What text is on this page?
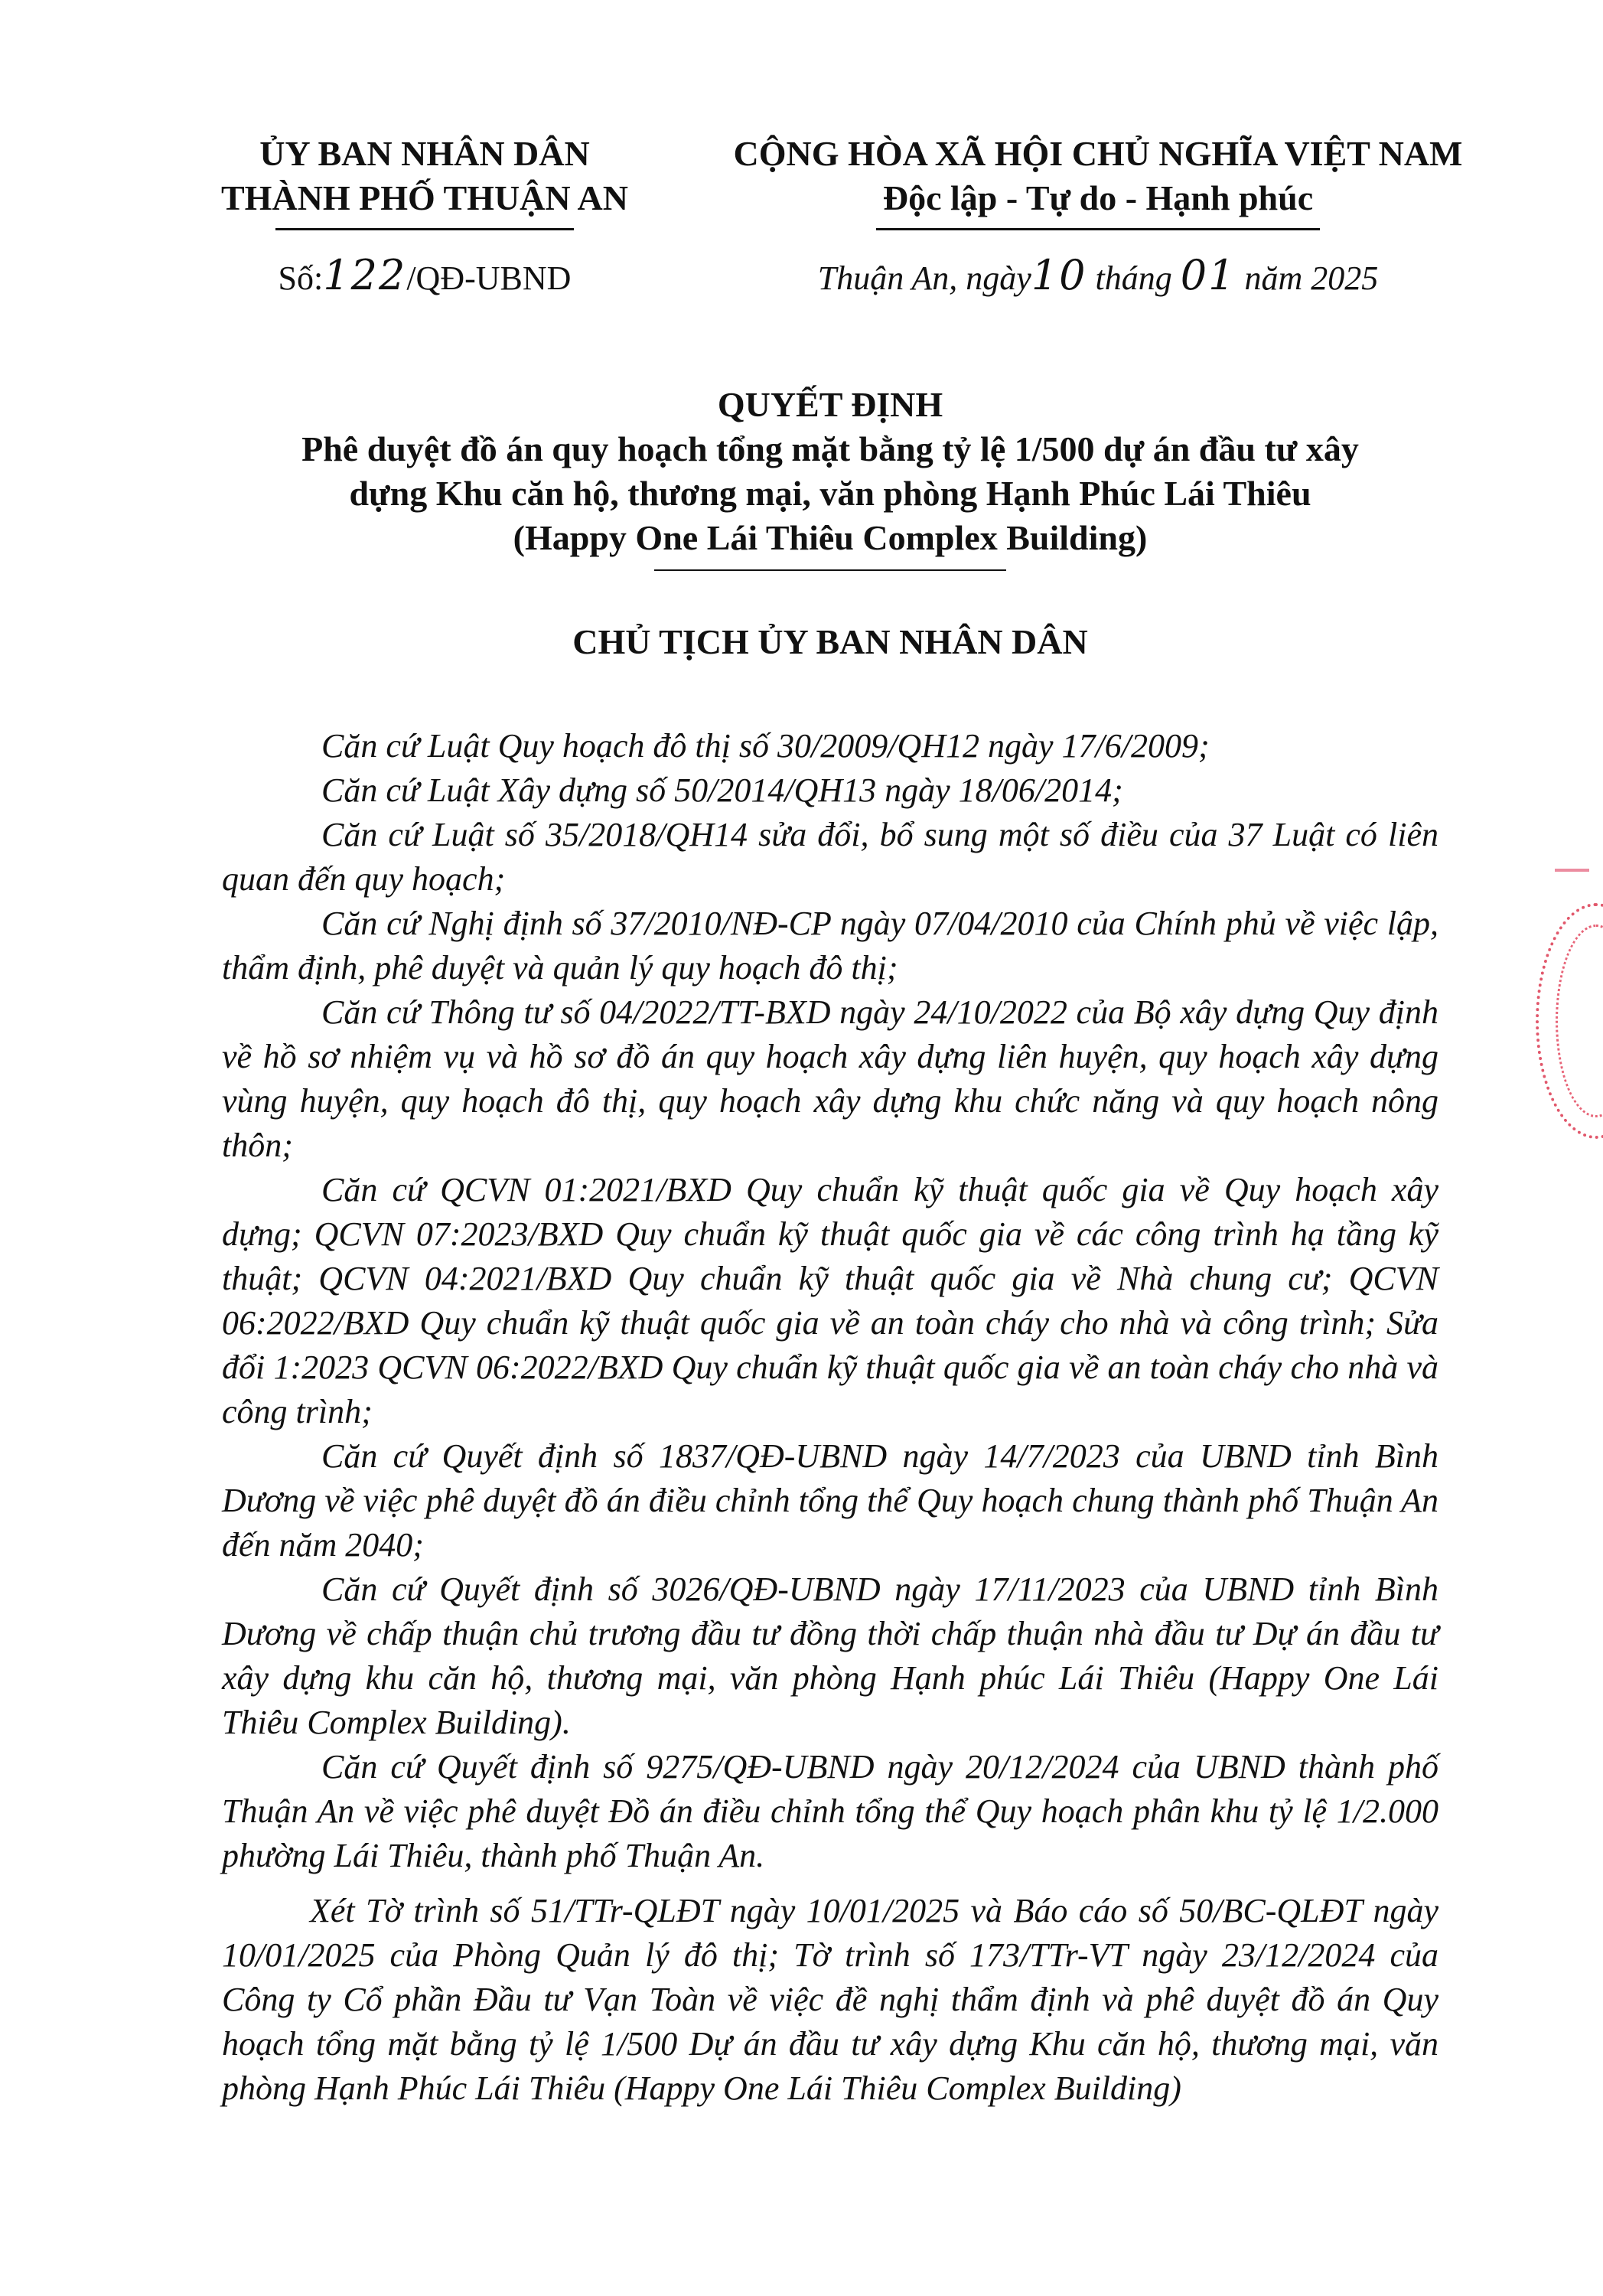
ỦY BAN NHÂN DÂN
THÀNH PHỐ THUẬN AN
Số:122/QĐ-UBND
CỘNG HÒA XÃ HỘI CHỦ NGHĨA VIỆT NAM
Độc lập - Tự do - Hạnh phúc
Thuận An, ngày10 tháng 01 năm 2025
QUYẾT ĐỊNH
Phê duyệt đồ án quy hoạch tổng mặt bằng tỷ lệ 1/500 dự án đầu tư xây
dựng Khu căn hộ, thương mại, văn phòng Hạnh Phúc Lái Thiêu
(Happy One Lái Thiêu Complex Building)
CHỦ TỊCH ỦY BAN NHÂN DÂN

Căn cứ Luật Quy hoạch đô thị số 30/2009/QH12 ngày 17/6/2009;

Căn cứ Luật Xây dựng số 50/2014/QH13 ngày 18/06/2014;

Căn cứ Luật số 35/2018/QH14 sửa đổi, bổ sung một số điều của 37 Luật có liên quan đến quy hoạch;

Căn cứ Nghị định số 37/2010/NĐ-CP ngày 07/04/2010 của Chính phủ về việc lập, thẩm định, phê duyệt và quản lý quy hoạch đô thị;

Căn cứ Thông tư số 04/2022/TT-BXD ngày 24/10/2022 của Bộ xây dựng Quy định về hồ sơ nhiệm vụ và hồ sơ đồ án quy hoạch xây dựng liên huyện, quy hoạch xây dựng vùng huyện, quy hoạch đô thị, quy hoạch xây dựng khu chức năng và quy hoạch nông thôn;

Căn cứ QCVN 01:2021/BXD Quy chuẩn kỹ thuật quốc gia về Quy hoạch xây dựng; QCVN 07:2023/BXD Quy chuẩn kỹ thuật quốc gia về các công trình hạ tầng kỹ thuật; QCVN 04:2021/BXD Quy chuẩn kỹ thuật quốc gia về Nhà chung cư; QCVN 06:2022/BXD Quy chuẩn kỹ thuật quốc gia về an toàn cháy cho nhà và công trình; Sửa đổi 1:2023 QCVN 06:2022/BXD Quy chuẩn kỹ thuật quốc gia về an toàn cháy cho nhà và công trình;

Căn cứ Quyết định số 1837/QĐ-UBND ngày 14/7/2023 của UBND tỉnh Bình Dương về việc phê duyệt đồ án điều chỉnh tổng thể Quy hoạch chung thành phố Thuận An đến năm 2040;

Căn cứ Quyết định số 3026/QĐ-UBND ngày 17/11/2023 của UBND tỉnh Bình Dương về chấp thuận chủ trương đầu tư đồng thời chấp thuận nhà đầu tư Dự án đầu tư xây dựng khu căn hộ, thương mại, văn phòng Hạnh phúc Lái Thiêu (Happy One Lái Thiêu Complex Building).

Căn cứ Quyết định số 9275/QĐ-UBND ngày 20/12/2024 của UBND thành phố Thuận An về việc phê duyệt Đồ án điều chỉnh tổng thể Quy hoạch phân khu tỷ lệ 1/2.000 phường Lái Thiêu, thành phố Thuận An.

Xét Tờ trình số 51/TTr-QLĐT ngày 10/01/2025 và Báo cáo số 50/BC-QLĐT ngày 10/01/2025 của Phòng Quản lý đô thị; Tờ trình số 173/TTr-VT ngày 23/12/2024 của Công ty Cổ phần Đầu tư Vạn Toàn về việc đề nghị thẩm định và phê duyệt đồ án Quy hoạch tổng mặt bằng tỷ lệ 1/500 Dự án đầu tư xây dựng Khu căn hộ, thương mại, văn phòng Hạnh Phúc Lái Thiêu (Happy One Lái Thiêu Complex Building)
